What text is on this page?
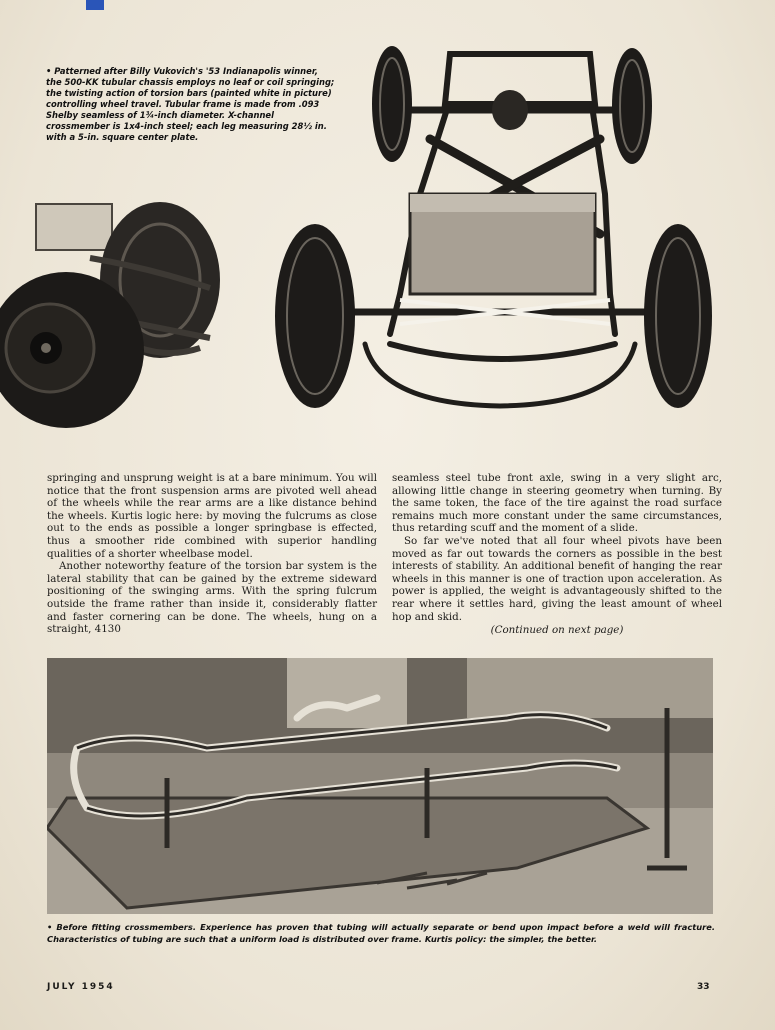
• Patterned after Billy Vukovich's '53 Indianapolis winner, the 500-KK tubular chassis employs no leaf or coil springing; the twisting action of torsion bars (painted white in picture) controlling wheel travel. Tubular frame is made from .093 Shelby seamless of 1¾-inch diameter. X-channel crossmember is 1x4-inch steel; each leg measuring 28½ in. with a 5-in. square center plate.

springing and unsprung weight is at a bare minimum. You will notice that the front suspension arms are pivoted well ahead of the wheels while the rear arms are a like distance behind the wheels. Kurtis logic here: by moving the fulcrums as close out to the ends as possible a longer springbase is effected, thus a smoother ride combined with superior handling qualities of a shorter wheelbase model.

Another noteworthy feature of the torsion bar system is the lateral stability that can be gained by the extreme sideward positioning of the swinging arms. With the spring fulcrum outside the frame rather than inside it, considerably flatter and faster cornering can be done. The wheels, hung on a straight, 4130

seamless steel tube front axle, swing in a very slight arc, allowing little change in steering geometry when turning. By the same token, the face of the tire against the road surface remains much more constant under the same circumstances, thus retarding scuff and the moment of a slide.

So far we've noted that all four wheel pivots have been moved as far out towards the corners as possible in the best interests of stability. An additional benefit of hanging the rear wheels in this manner is one of traction upon acceleration. As power is applied, the weight is advantageously shifted to the rear where it settles hard, giving the least amount of wheel hop and skid.

(Continued on next page)

• Before fitting crossmembers. Experience has proven that tubing will actually separate or bend upon impact before a weld will fracture. Characteristics of tubing are such that a uniform load is distributed over frame. Kurtis policy: the simpler, the better.

JULY 1954	33
